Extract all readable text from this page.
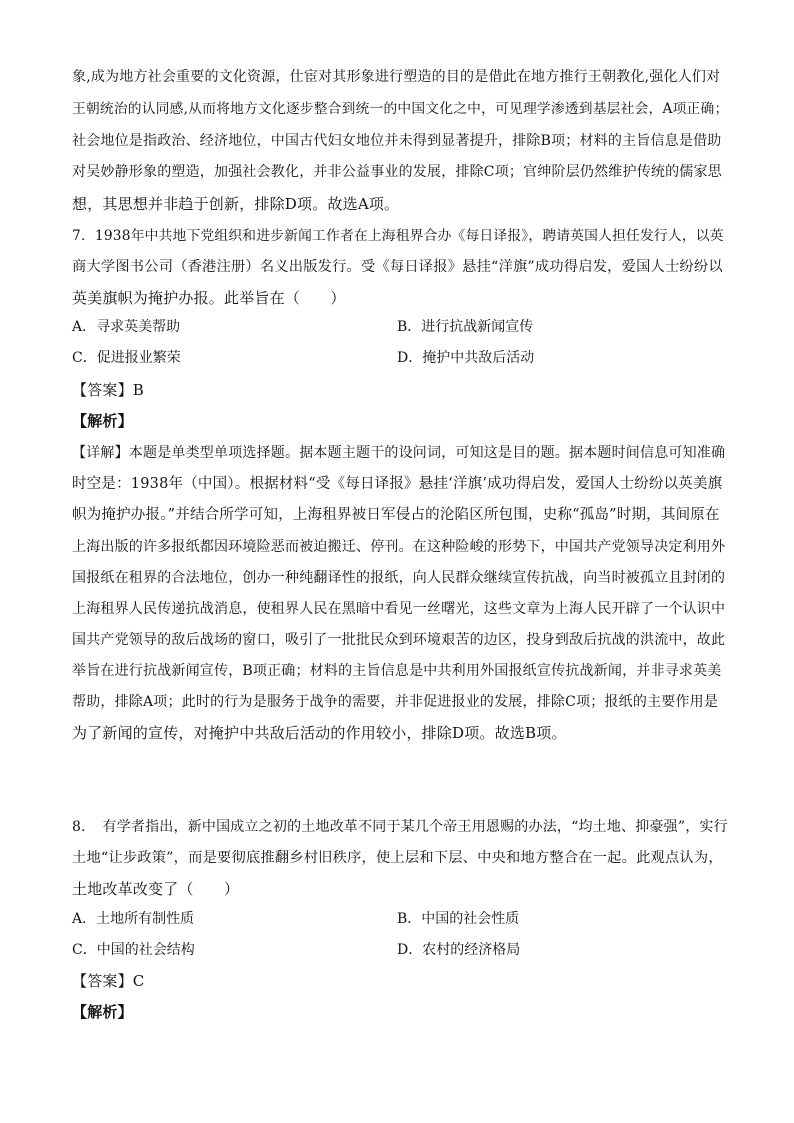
象,成为地方社会重要的文化资源，仕宦对其形象进行塑造的目的是借此在地方推行王朝教化,强化人们对
王朝统治的认同感,从而将地方文化逐步整合到统一的中国文化之中，可见理学渗透到基层社会，A项正确；
社会地位是指政治、经济地位，中国古代妇女地位并未得到显著提升，排除B项；材料的主旨信息是借助
对吴妙静形象的塑造，加强社会教化，并非公益事业的发展，排除C项；官绅阶层仍然维护传统的儒家思
想，其思想并非趋于创新，排除D项。故选A项。
7．1938年中共地下党组织和进步新闻工作者在上海租界合办《每日译报》，聘请英国人担任发行人，以英
商大学图书公司（香港注册）名义出版发行。受《每日译报》悬挂“洋旗”成功得启发，爱国人士纷纷以
英美旗帜为掩护办报。此举旨在（　　）
A．寻求英美帮助	B．进行抗战新闻宣传
C．促进报业繁荣	D．掩护中共敌后活动
【答案】B
【解析】
【详解】本题是单类型单项选择题。据本题主题干的设问词，可知这是目的题。据本题时间信息可知准确
时空是：1938年（中国）。根据材料“受《每日译报》悬挂‘洋旗’成功得启发，爱国人士纷纷以英美旗
帜为掩护办报。”并结合所学可知，上海租界被日军侵占的沦陷区所包围，史称“孤岛”时期，其间原在
上海出版的许多报纸都因环境险恶而被迫搬迁、停刊。在这种险峻的形势下，中国共产党领导决定利用外
国报纸在租界的合法地位，创办一种纯翻译性的报纸，向人民群众继续宣传抗战，向当时被孤立且封闭的
上海租界人民传递抗战消息，使租界人民在黑暗中看见一丝曙光，这些文章为上海人民开辟了一个认识中
国共产党领导的敌后战场的窗口，吸引了一批批民众到环境艰苦的边区，投身到敌后抗战的洪流中，故此
举旨在进行抗战新闻宣传，B项正确；材料的主旨信息是中共利用外国报纸宣传抗战新闻，并非寻求英美
帮助，排除A项；此时的行为是服务于战争的需要，并非促进报业的发展，排除C项；报纸的主要作用是
为了新闻的宣传，对掩护中共敌后活动的作用较小，排除D项。故选B项。
8．　有学者指出，新中国成立之初的土地改革不同于某几个帝王用恩赐的办法，“均土地、抑豪强”，实行
土地“让步政策”，而是要彻底推翻乡村旧秩序，使上层和下层、中央和地方整合在一起。此观点认为，
土地改革改变了（　　）
A．土地所有制性质	B．中国的社会性质
C．中国的社会结构	D．农村的经济格局
【答案】C
【解析】
